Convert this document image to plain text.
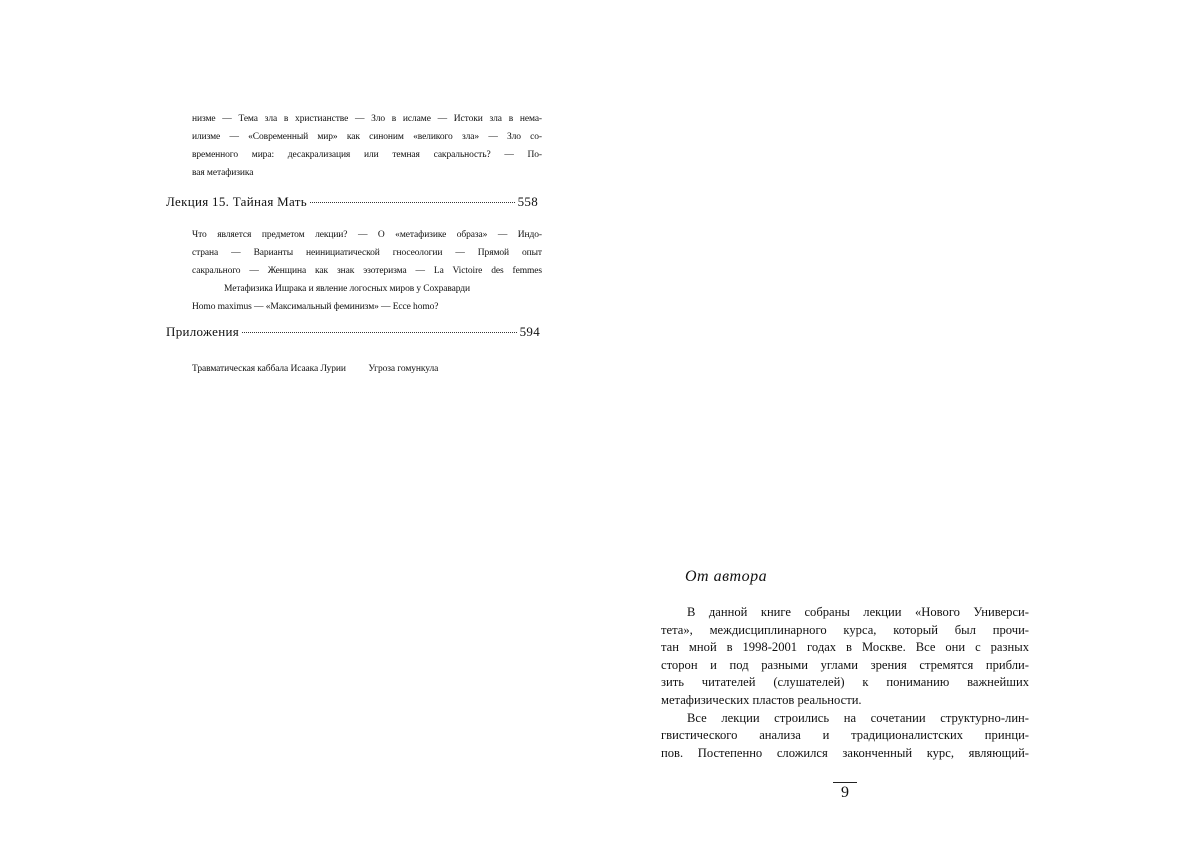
низме — Тема зла в христианстве — Зло в исламе — Истоки зла в нема-
илизме — «Современный мир» как синоним «великого зла» — Зло со-
временного мира: десакрализация или темная сакральность? — По-
вая метафизика
Лекция 15. Тайная Мать	558
Что является предметом лекции? — О «метафизике образа» — Индо-
страна — Варианты неинициатической гносеологии — Прямой опыт
сакрального — Женщина как знак эзотеризма — La Victoire des femmes
Метафизика Ишрака и явление логосных миров у Сохраварди
Homo maximus — «Максимальный феминизм» — Ecce homo?
Приложения	594
Травматическая каббала Исаака Лурии Угроза гомункула
От автора

В данной книге собраны лекции «Нового Универси-

тета», междисциплинарного курса, который был прочи-

тан мной в 1998-2001 годах в Москве. Все они с разных

сторон и под разными углами зрения стремятся прибли-

зить читателей (слушателей) к пониманию важнейших

метафизических пластов реальности.

Все лекции строились на сочетании структурно-лин-

гвистического анализа и традиционалистских принци-

пов. Постепенно сложился законченный курс, являющий-

9
